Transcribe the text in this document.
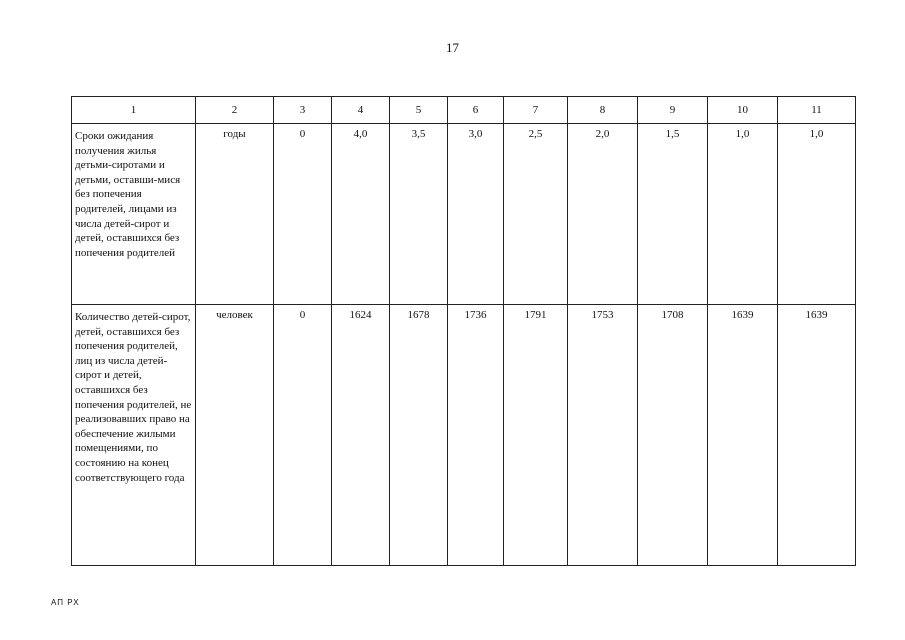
17
1	2	3	4	5	6	7	8	9	10	11
Сроки ожидания получения жилья детьми-сиротами и детьми, оставши-мися без попечения родителей, лицами из числа детей-сирот и детей, оставшихся без попечения родителей	годы	0	4,0	3,5	3,0	2,5	2,0	1,5	1,0	1,0
Количество детей-сирот, детей, оставшихся без попечения родителей, лиц из числа детей-сирот и детей, оставшихся без попечения родителей, не реализовавших право на обеспечение жилыми помещениями, по состоянию на конец соответствующего года	человек	0	1624	1678	1736	1791	1753	1708	1639	1639
АП РХ
